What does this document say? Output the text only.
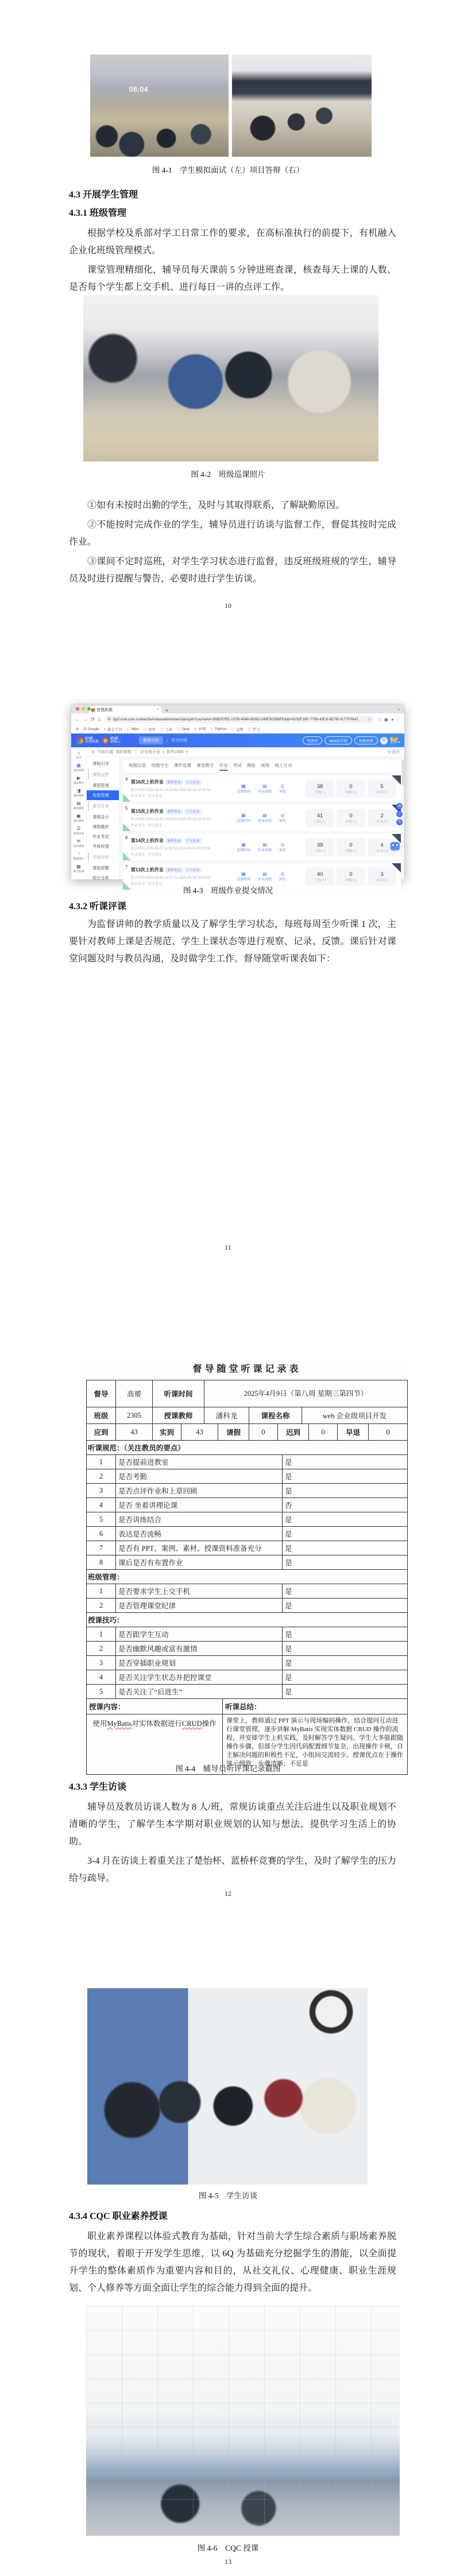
08:04
图 4-1　学生模拟面试（左）项目答辩（右）
4.3 开展学生管理
4.3.1 班级管理

根据学校及系部对学工日常工作的要求，在高标准执行的前提下，有机融入企业化班级管理模式。

课堂管理精细化，辅导员每天课前 5 分钟进班查课，核查每天上课的人数、是否每个学生都上交手机、进行每日一讲的点评工作。

图 4-2　班级巡课照片

①如有未按时出勤的学生，及时与其取得联系，了解缺勤原因。

②不能按时完成作业的学生，辅导员进行访谈与监督工作，督促其按时完成作业。

③课间不定时巡班，对学生学习状态进行监督，违反班级班规的学生，辅导员及时进行提醒与警告，必要时进行学生访谈。

10
智慧职教	× +	⌄
← → ⟳ ⌂ ⚙ zjy2.icve.com.cn/teacher/classadminister/classjob?courseId=308D57EE-237B-4046-8D9D-249F502B8FE&id=6155F16F-7799-43C6-8D7B-0177F0647...	☆ ⬡ ▣ ● ⋮
⊞ G Google ◗ 通义千问 ▢ https ▢ 软件 ▢ 工具 ▢ Java ▢ VUE ▢ Python ▢ 运维 ▢ 学习
iCVE
智慧职教
iCVE
职教云	教师空间	| 学习空间	资源库	MOOC学院	智能助教
VIP
老师 ▾
⌂
首页
▦
我的课程
▶
课堂教学
◨
我的资源
▤
我的题库
▣
我的教材
☰
调查问卷
✉
消息通知
◔
数据统计
▩
教学监测
◎ 当前位置 我的课程 〉 企业级开发 ▾ 软件2305 ▾	⟲ 返回
课程引导
课程运营
课程管理
班级管理
教学任务
课程设计
课程题库
作业考试
考核权重
学情分析
课程预警
统计分析
班级信息 班级学生 课件设置 课堂教学 作业 考试 测验 成绩 线上互动
4
第16次上机作业	课件作业	个人作业
起止时间 2025-05-20 10:23:48-2025-05-29 12:00:00
作业要求：暂无要求
▦
设置时间
▤
作业成绩
◎
预览
38
已批(人)
0
未批(人)
5
未交(人)
5
第15次上机作业	课件作业	个人作业
起止时间 2025-05-20 10:51:52-2025-05-26 12:00:00
作业要求：暂无要求
▦
设置时间
▤
作业成绩
◎
预览
41
已批(人)
0
未批(人)
2
未交(人)
6
第14次上机作业	课件作业	个人作业
起止时间 2025-05-22 11:58:02-2025-05-30 00:00:00
作业要求：暂无要求
▦
设置时间
▤
作业成绩
◎
预览
39
已批(人)
0
未批(人)
4
未交(人)
7
第13次上机作业	课件作业	个人作业
起止时间 2025-05-21 12:07:21-2025-05-30 00:00:00
作业要求：暂无要求
▦
设置时间
▤
作业成绩
◎
预览
40
已批(人)
0
未批(人)
3
未交(人)
☏
↓
?
图 4-3　班级作业提交情况
4.3.2 听课评课

为监督讲师的教学质量以及了解学生学习状态，每班每周至少听课 1 次，主要针对教师上课是否规范、学生上课状态等进行观察、记录、反馈。课后针对课堂问题及时与教员沟通，及时做学生工作。督导随堂听课表如下：

11
督导随堂听课记录表
督导	高赟	听课时间	2025 年 4 月 9 日（第 八 周 星期 三 第 四节 ）
班级	2305	授课教师	潘科龙	课程名称	web 企业级项目开发
应到	43	实到	43	请假	0	迟到	0	早退	0
听课规范：（关注教员的要点）
1	是否提前进教室	是
2	是否考勤	是
3	是否点评作业和上章回顾	是
4	是否 坐着讲理论课	否
5	是否讲练结合	是
6	表达是否流畅	是
7	是否有 PPT、案例、素材、授课资料准备充分	是
8	课后是否有布置作业	是
班级管理：
1	是否要求学生上交手机	是
2	是否管理课堂纪律	是
授课技巧：
1	是否跟学生互动	是
2	是否幽默风趣或富有激情	是
3	是否穿插职业规划	是
4	是否关注学生状态并把控课堂	是
5	是否关注了“后进生”	是
授课内容：	听课总结：
使用 MyBatis 对实体数据进行 CRUD 操作	课堂上，教师通过 PPT 演示与现场编码操作，结合提问互动进行课堂管理，逐步讲解 MyBatis 实现实体数据 CRUD 操作的流程，并安排学生上机实践，及时解答学生疑问。学生大多能跟随操作步骤，但部分学生因代码配置细节复杂，出现操作卡顿，自主解决问题的积极性不足，小组间交流较少。授课优点在于操作演示细致，步骤清晰；不足是
图 4-4　辅导员听评课记录截图
4.3.3 学生访谈

辅导员及教员访谈人数为 8 人/班，常规访谈重点关注后进生以及职业规划不清晰的学生，了解学生本学期对职业规划的认知与想法，提供学习生活上的协助。

3-4 月在访谈上着重关注了楚怡杯、蓝桥杯竞赛的学生，及时了解学生的压力给与疏导。

12
图 4-5　学生访谈
4.3.4 CQC 职业素养授课

职业素养课程以体验式教育为基础，针对当前大学生综合素质与职场素养脱节的现状，着眼于开发学生思维，以 6Q 为基础充分挖掘学生的潜能，以全面提升学生的整体素质作为重要内容和目的，从社交礼仪、心理健康、职业生涯规划、个人修养等方面全面让学生的综合能力得到全面的提升。

图 4-6　CQC 授课
13
